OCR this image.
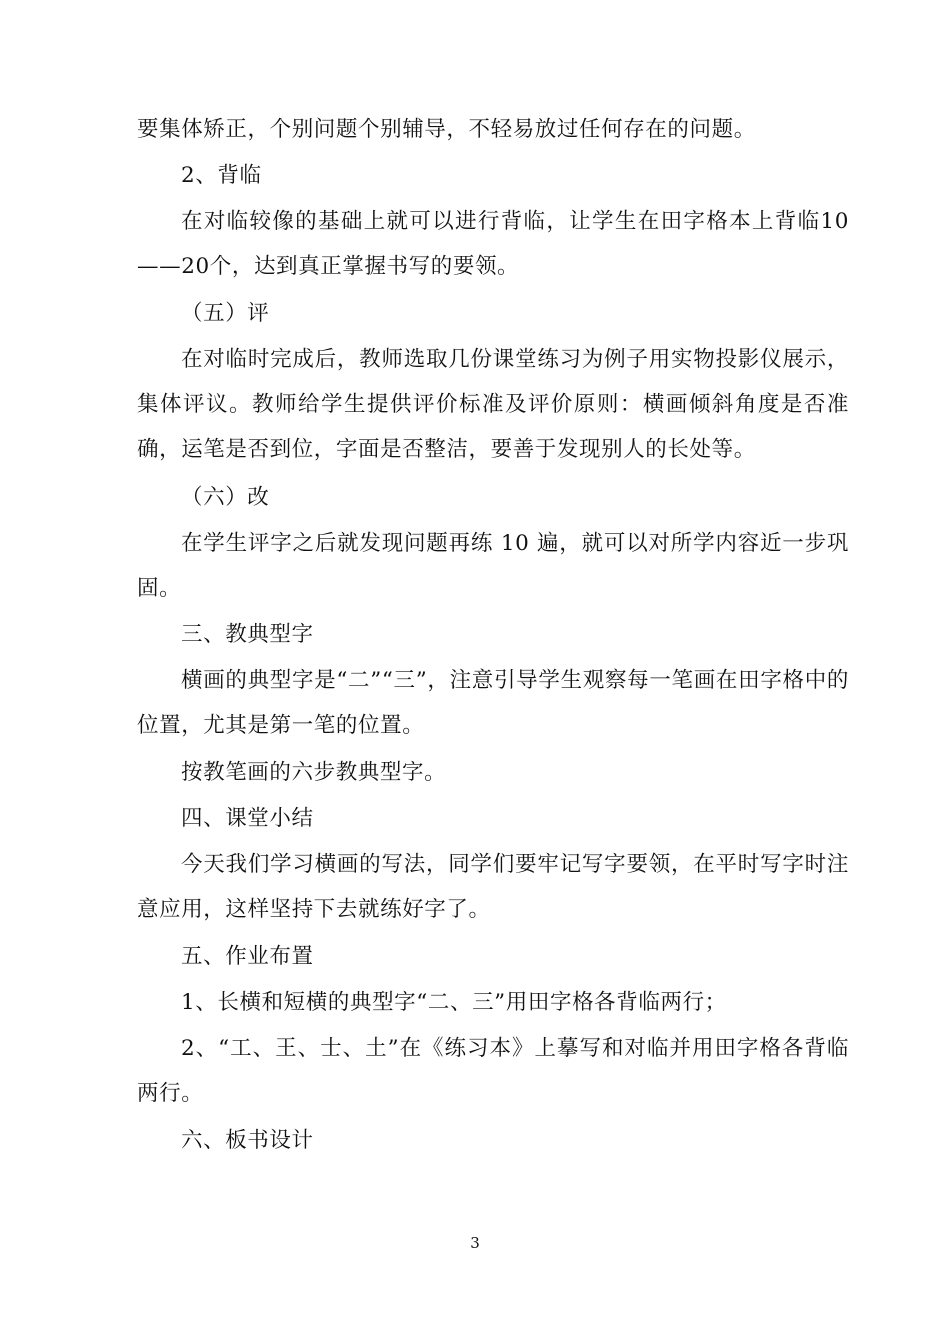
要集体矫正，个别问题个别辅导，不轻易放过任何存在的问题。

2、背临

在对临较像的基础上就可以进行背临，让学生在田字格本上背临10——20个，达到真正掌握书写的要领。

（五）评

在对临时完成后，教师选取几份课堂练习为例子用实物投影仪展示，集体评议。教师给学生提供评价标准及评价原则：横画倾斜角度是否准确，运笔是否到位，字面是否整洁，要善于发现别人的长处等。

（六）改

在学生评字之后就发现问题再练 10 遍，就可以对所学内容近一步巩固。

三、教典型字

横画的典型字是“二”“三”，注意引导学生观察每一笔画在田字格中的位置，尤其是第一笔的位置。

按教笔画的六步教典型字。

四、课堂小结

今天我们学习横画的写法，同学们要牢记写字要领，在平时写字时注意应用，这样坚持下去就练好字了。

五、作业布置

1、长横和短横的典型字“二、三”用田字格各背临两行；

2、“工、王、士、土”在《练习本》上摹写和对临并用田字格各背临两行。

六、板书设计

3
